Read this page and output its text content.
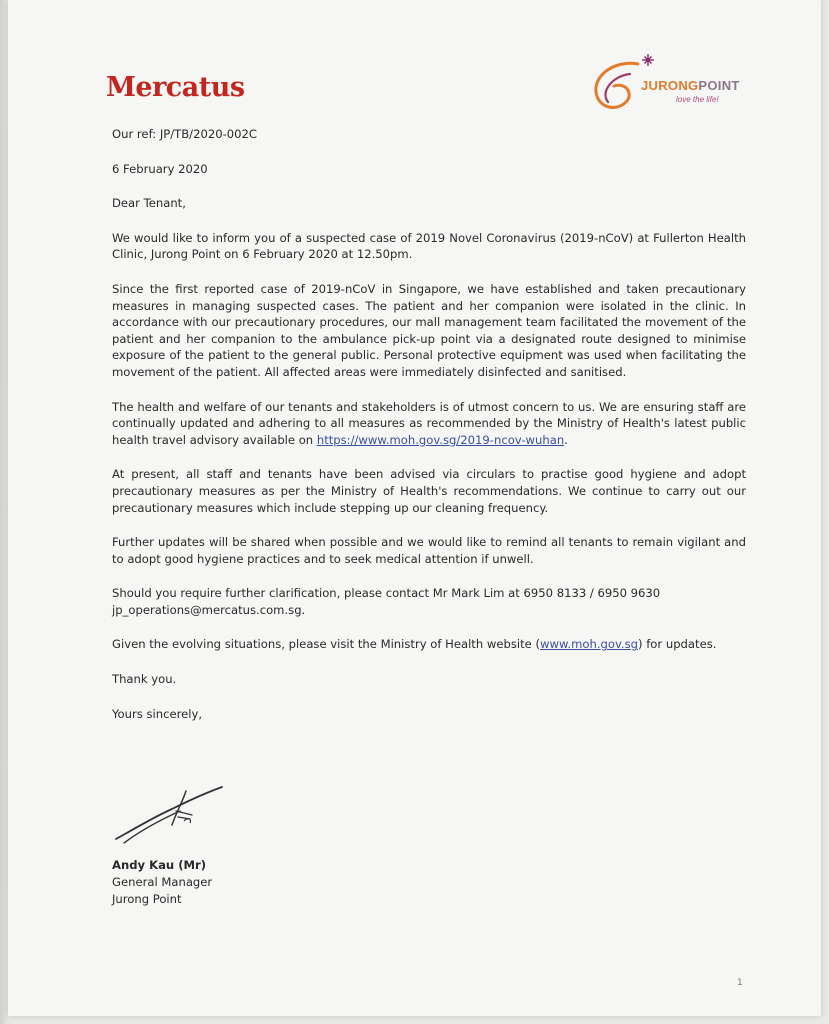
Mercatus	JURONGPOINT
love the life!

Our ref: JP/TB/2020-002C

6 February 2020

Dear Tenant,

We would like to inform you of a suspected case of 2019 Novel Coronavirus (2019-nCoV) at Fullerton Health Clinic, Jurong Point on 6 February 2020 at 12.50pm.

Since the first reported case of 2019-nCoV in Singapore, we have established and taken precautionary measures in managing suspected cases. The patient and her companion were isolated in the clinic. In accordance with our precautionary procedures, our mall management team facilitated the movement of the patient and her companion to the ambulance pick-up point via a designated route designed to minimise exposure of the patient to the general public. Personal protective equipment was used when facilitating the movement of the patient. All affected areas were immediately disinfected and sanitised.

The health and welfare of our tenants and stakeholders is of utmost concern to us. We are ensuring staff are continually updated and adhering to all measures as recommended by the Ministry of Health's latest public health travel advisory available on https://www.moh.gov.sg/2019-ncov-wuhan.

At present, all staff and tenants have been advised via circulars to practise good hygiene and adopt precautionary measures as per the Ministry of Health's recommendations. We continue to carry out our precautionary measures which include stepping up our cleaning frequency.

Further updates will be shared when possible and we would like to remind all tenants to remain vigilant and to adopt good hygiene practices and to seek medical attention if unwell.

Should you require further clarification, please contact Mr Mark Lim at 6950 8133 / 6950 9630

jp_operations@mercatus.com.sg.

Given the evolving situations, please visit the Ministry of Health website (www.moh.gov.sg) for updates.

Thank you.

Yours sincerely,

Andy Kau (Mr)
General Manager
Jurong Point
1
